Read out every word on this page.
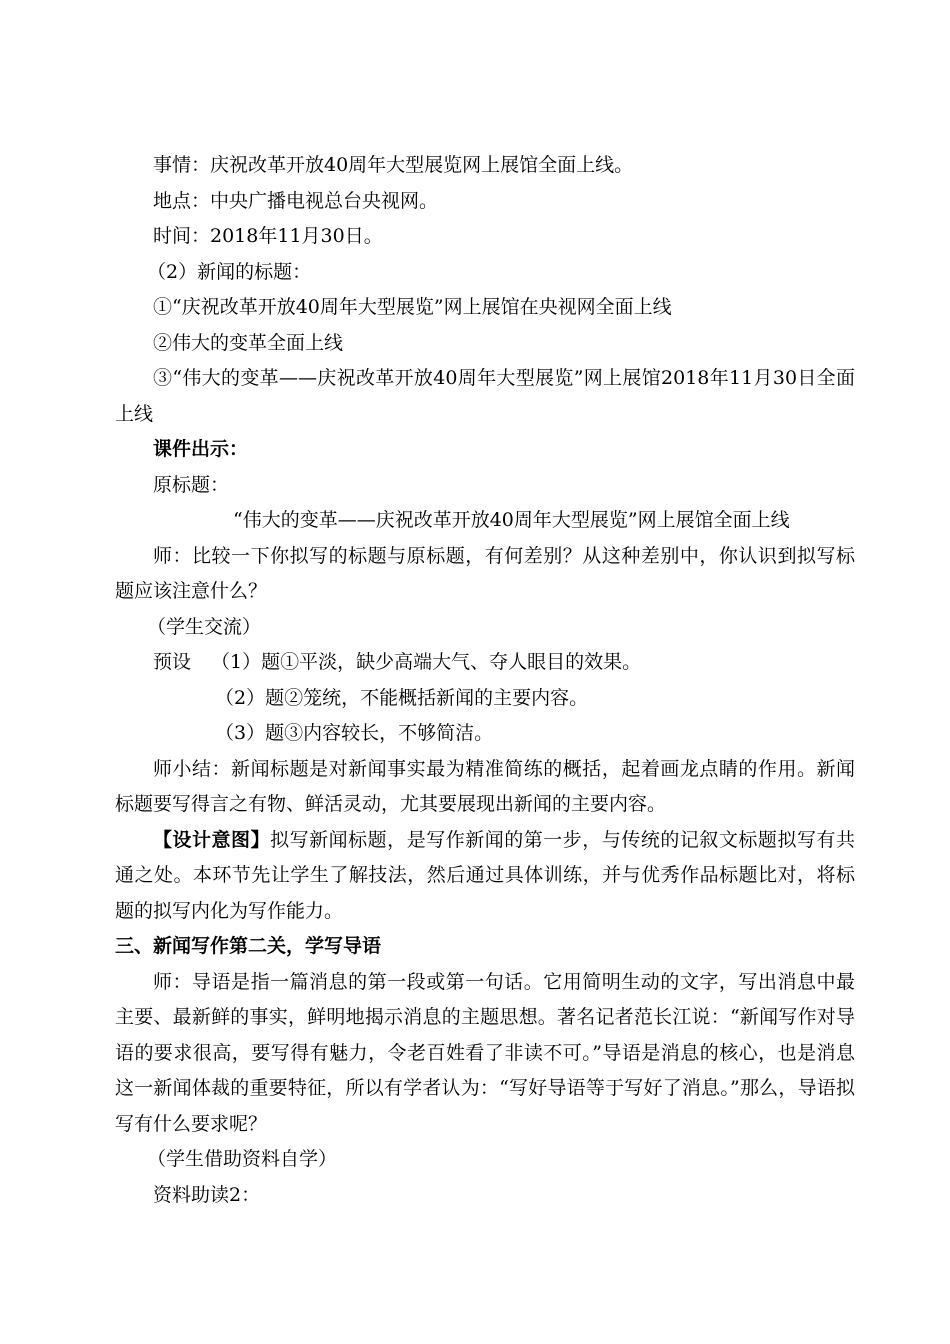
事情：庆祝改革开放40周年大型展览网上展馆全面上线。

地点：中央广播电视总台央视网。

时间：2018年11月30日。

（2）新闻的标题：

①“庆祝改革开放40周年大型展览”网上展馆在央视网全面上线

②伟大的变革全面上线

③“伟大的变革——庆祝改革开放40周年大型展览”网上展馆2018年11月30日全面上线

课件出示：

原标题：

“伟大的变革——庆祝改革开放40周年大型展览”网上展馆全面上线

师：比较一下你拟写的标题与原标题，有何差别？从这种差别中，你认识到拟写标题应该注意什么？

（学生交流）

预设 （1）题①平淡，缺少高端大气、夺人眼目的效果。

（2）题②笼统，不能概括新闻的主要内容。

（3）题③内容较长，不够简洁。

师小结：新闻标题是对新闻事实最为精准简练的概括，起着画龙点睛的作用。新闻标题要写得言之有物、鲜活灵动，尤其要展现出新闻的主要内容。

【设计意图】拟写新闻标题，是写作新闻的第一步，与传统的记叙文标题拟写有共通之处。本环节先让学生了解技法，然后通过具体训练，并与优秀作品标题比对，将标题的拟写内化为写作能力。

三、新闻写作第二关，学写导语

师：导语是指一篇消息的第一段或第一句话。它用简明生动的文字，写出消息中最主要、最新鲜的事实，鲜明地揭示消息的主题思想。著名记者范长江说：“新闻写作对导语的要求很高，要写得有魅力，令老百姓看了非读不可。”导语是消息的核心，也是消息这一新闻体裁的重要特征，所以有学者认为：“写好导语等于写好了消息。”那么，导语拟写有什么要求呢？

（学生借助资料自学）

资料助读2：
